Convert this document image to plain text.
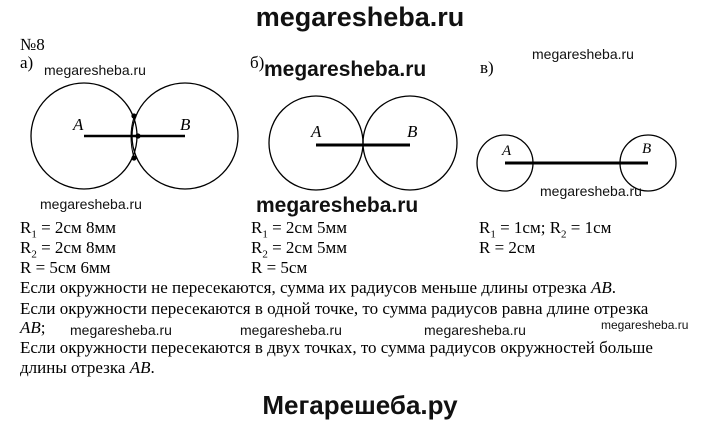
megaresheba.ru
№8
а)	б)	в)
megaresheba.ru	megaresheba.ru
megaresheba.ru
A	B	A	B
A	B
megaresheba.ru	megaresheba.ru
megaresheba.ru
$R_1 = 2см$ 8мм
$R_2 = 2см$ 8мм
R = 5см 6мм
$R_1 = 2см$ 5мм
$R_2 = 2см$ 5мм
R = 5см
$R_1 = 1см$; $R_2 = 1см$
R = 2см
Если окружности не пересекаются, сумма их радиусов меньше длины отрезка AB.
Если окружности пересекаются в одной точке, то сумма радиусов равна длине отрезка
AB; megaresheba.ru	megaresheba.ru	megaresheba.ru	megaresheba.ru
Если окружности пересекаются в двух точках, то сумма радиусов окружностей больше
длины отрезка AB.
Мегарешеба.ру
